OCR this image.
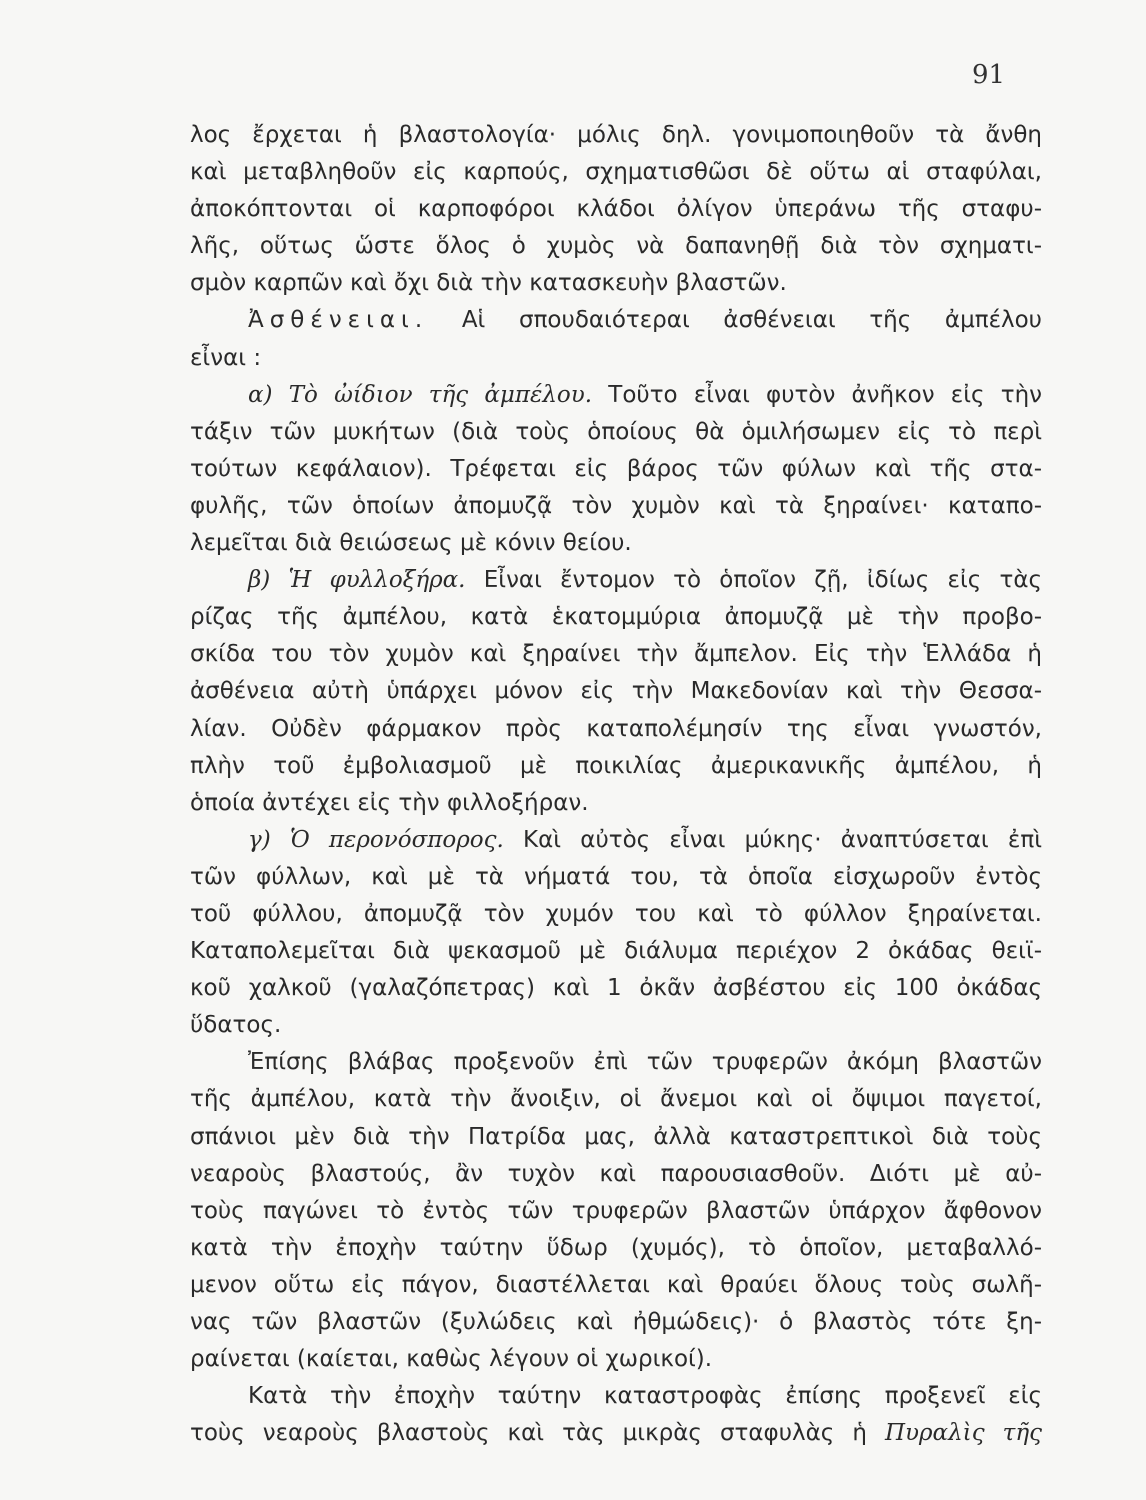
91
λος ἔρχεται ἡ βλαστολογία· μόλις δηλ. γονιμοποιηθοῦν τὰ ἄνθη
καὶ μεταβληθοῦν εἰς καρπούς, σχηματισθῶσι δὲ οὕτω αἱ σταφύλαι,
ἀποκόπτονται οἱ καρποφόροι κλάδοι ὀλίγον ὑπεράνω τῆς σταφυ-
λῆς, οὕτως ὥστε ὅλος ὁ χυμὸς νὰ δαπανηθῇ διὰ τὸν σχηματι-
σμὸν καρπῶν καὶ ὄχι διὰ τὴν κατασκευὴν βλαστῶν.
Ἀσθένειαι. Αἱ σπουδαιότεραι ἀσθένειαι τῆς ἀμπέλου
εἶναι :
α) Τὸ ὠίδιον τῆς ἀμπέλου. Τοῦτο εἶναι φυτὸν ἀνῆκον εἰς τὴν
τάξιν τῶν μυκήτων (διὰ τοὺς ὁποίους θὰ ὁμιλήσωμεν εἰς τὸ περὶ
τούτων κεφάλαιον). Τρέφεται εἰς βάρος τῶν φύλων καὶ τῆς στα-
φυλῆς, τῶν ὁποίων ἀπομυζᾷ τὸν χυμὸν καὶ τὰ ξηραίνει· καταπο-
λεμεῖται διὰ θειώσεως μὲ κόνιν θείου.
β) Ἡ φυλλοξήρα. Εἶναι ἔντομον τὸ ὁποῖον ζῇ, ἰδίως εἰς τὰς
ρίζας τῆς ἀμπέλου, κατὰ ἑκατομμύρια ἀπομυζᾷ μὲ τὴν προβο-
σκίδα του τὸν χυμὸν καὶ ξηραίνει τὴν ἄμπελον. Εἰς τὴν Ἑλλάδα ἡ
ἀσθένεια αὐτὴ ὑπάρχει μόνον εἰς τὴν Μακεδονίαν καὶ τὴν Θεσσα-
λίαν. Οὐδὲν φάρμακον πρὸς καταπολέμησίν της εἶναι γνωστόν,
πλὴν τοῦ ἐμβολιασμοῦ μὲ ποικιλίας ἀμερικανικῆς ἀμπέλου, ἡ
ὁποία ἀντέχει εἰς τὴν φιλλοξήραν.
γ) Ὁ περονόσπορος. Καὶ αὐτὸς εἶναι μύκης· ἀναπτύσεται ἐπὶ
τῶν φύλλων, καὶ μὲ τὰ νήματά του, τὰ ὁποῖα εἰσχωροῦν ἐντὸς
τοῦ φύλλου, ἀπομυζᾷ τὸν χυμόν του καὶ τὸ φύλλον ξηραίνεται.
Καταπολεμεῖται διὰ ψεκασμοῦ μὲ διάλυμα περιέχον 2 ὀκάδας θειϊ-
κοῦ χαλκοῦ (γαλαζόπετρας) καὶ 1 ὀκᾶν ἀσβέστου εἰς 100 ὀκάδας
ὕδατος.
Ἐπίσης βλάβας προξενοῦν ἐπὶ τῶν τρυφερῶν ἀκόμη βλαστῶν
τῆς ἀμπέλου, κατὰ τὴν ἄνοιξιν, οἱ ἄνεμοι καὶ οἱ ὄψιμοι παγετοί,
σπάνιοι μὲν διὰ τὴν Πατρίδα μας, ἀλλὰ καταστρεπτικοὶ διὰ τοὺς
νεαροὺς βλαστούς, ἂν τυχὸν καὶ παρουσιασθοῦν. Διότι μὲ αὐ-
τοὺς παγώνει τὸ ἐντὸς τῶν τρυφερῶν βλαστῶν ὑπάρχον ἄφθονον
κατὰ τὴν ἐποχὴν ταύτην ὕδωρ (χυμός), τὸ ὁποῖον, μεταβαλλό-
μενον οὕτω εἰς πάγον, διαστέλλεται καὶ θραύει ὅλους τοὺς σωλῆ-
νας τῶν βλαστῶν (ξυλώδεις καὶ ἠθμώδεις)· ὁ βλαστὸς τότε ξη-
ραίνεται (καίεται, καθὼς λέγουν οἱ χωρικοί).
Κατὰ τὴν ἐποχὴν ταύτην καταστροφὰς ἐπίσης προξενεῖ εἰς
τοὺς νεαροὺς βλαστοὺς καὶ τὰς μικρὰς σταφυλὰς ἡ Πυραλὶς τῆς
